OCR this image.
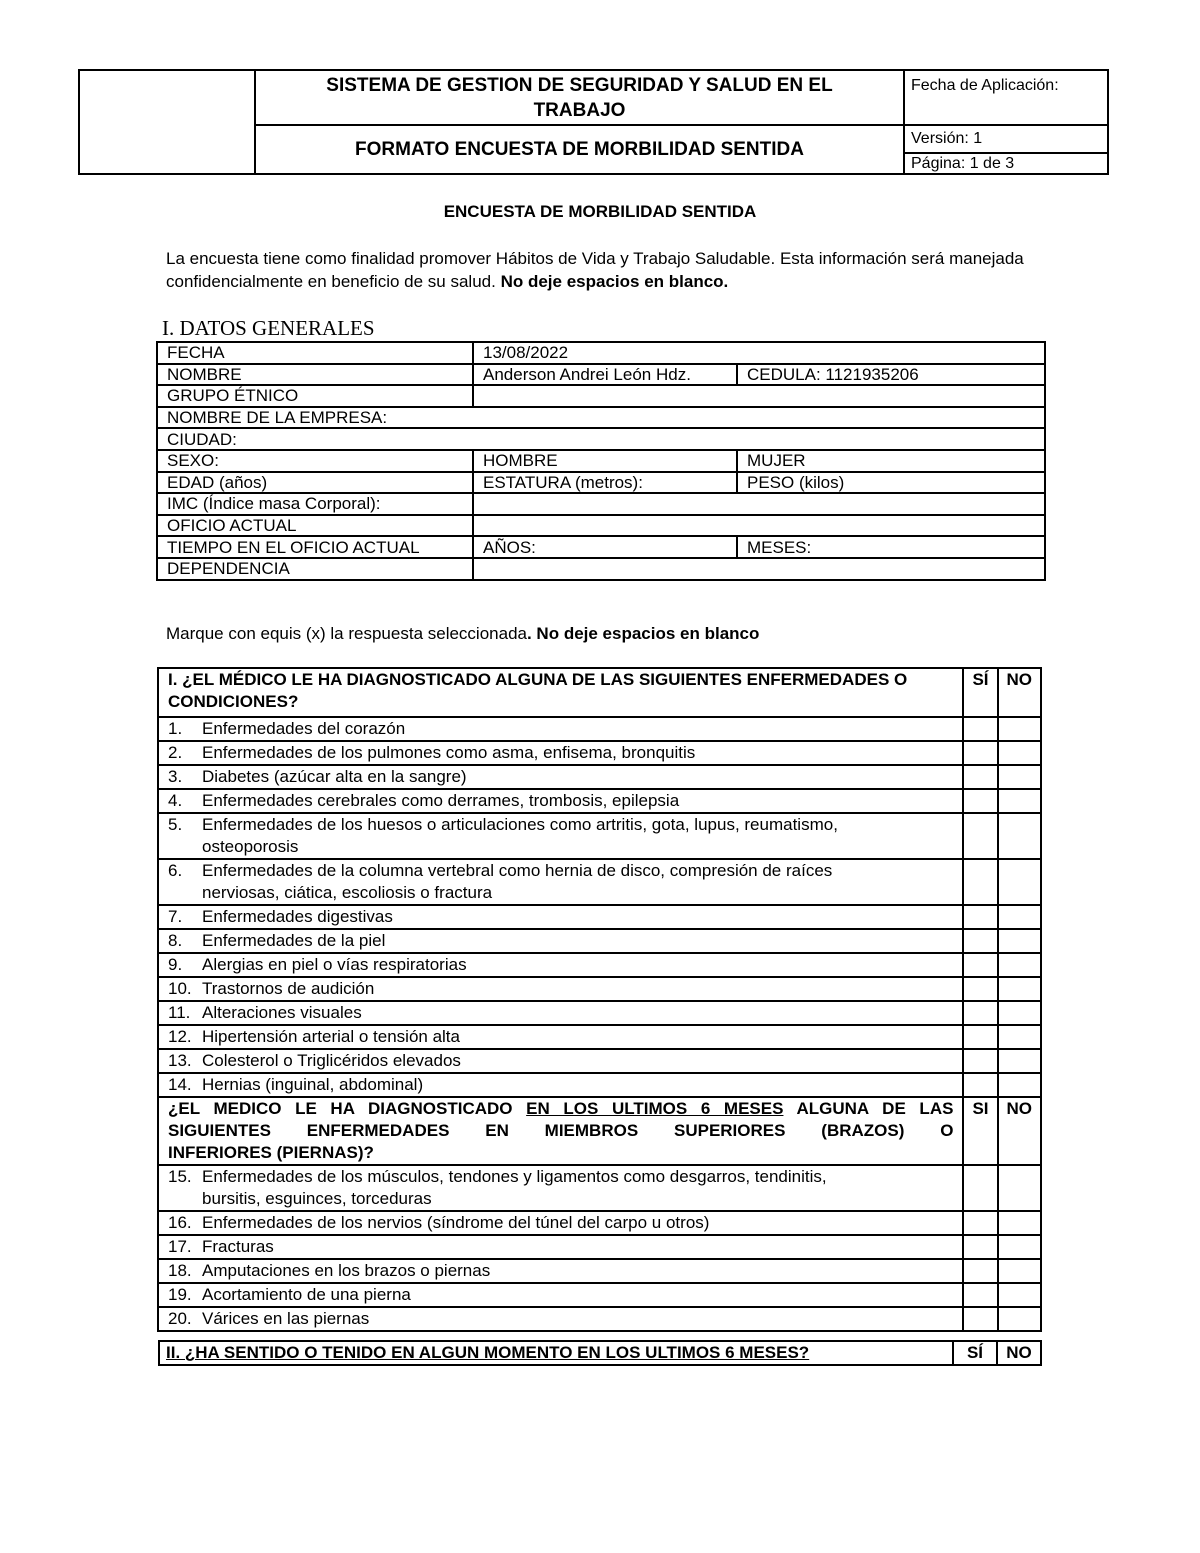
	SISTEMA DE GESTION DE SEGURIDAD Y SALUD EN EL
TRABAJO	Fecha de Aplicación:
	FORMATO ENCUESTA DE MORBILIDAD SENTIDA	Versión: 1
		Página: 1 de 3
ENCUESTA DE MORBILIDAD SENTIDA
La encuesta tiene como finalidad promover Hábitos de Vida y Trabajo Saludable. Esta información será manejada confidencialmente en beneficio de su salud. No deje espacios en blanco.
I. DATOS GENERALES
FECHA	13/08/2022	
NOMBRE	Anderson Andrei León Hdz.	CEDULA: 1121935206
GRUPO ÉTNICO		
NOMBRE DE LA EMPRESA:		
CIUDAD:		
SEXO:	HOMBRE	MUJER
EDAD (años)	ESTATURA (metros):	PESO (kilos)
IMC (Índice masa Corporal):		
OFICIO ACTUAL		
TIEMPO EN EL OFICIO ACTUAL	AÑOS:	MESES:
DEPENDENCIA		
Marque con equis (x) la respuesta seleccionada. No deje espacios en blanco
I. ¿EL MÉDICO LE HA DIAGNOSTICADO ALGUNA DE LAS SIGUIENTES ENFERMEDADES O CONDICIONES?	SÍ	NO
1. Enfermedades del corazón		
2. Enfermedades de los pulmones como asma, enfisema, bronquitis		
3. Diabetes (azúcar alta en la sangre)		
4. Enfermedades cerebrales como derrames, trombosis, epilepsia		
5. Enfermedades de los huesos o articulaciones como artritis, gota, lupus, reumatismo,
osteoporosis		

6. Enfermedades de la columna vertebral como hernia de disco, compresión de raíces
nerviosas, ciática, escoliosis o fractura		

7. Enfermedades digestivas		
8. Enfermedades de la piel		
9. Alergias en piel o vías respiratorias		
10. Trastornos de audición		
11. Alteraciones visuales		
12. Hipertensión arterial o tensión alta		
13. Colesterol o Triglicéridos elevados		
14. Hernias (inguinal, abdominal)		

¿EL MEDICO LE HA DIAGNOSTICADO EN LOS ULTIMOS 6 MESES ALGUNA DE LAS
SIGUIENTES ENFERMEDADES EN MIEMBROS SUPERIORES (BRAZOS) O
INFERIORES (PIERNAS)?	SI	NO
15. Enfermedades de los músculos, tendones y ligamentos como desgarros, tendinitis,
bursitis, esguinces, torceduras		

16. Enfermedades de los nervios (síndrome del túnel del carpo u otros)		
17. Fracturas		
18. Amputaciones en los brazos o piernas		
19. Acortamiento de una pierna		
20. Várices en las piernas		
II. ¿HA SENTIDO O TENIDO EN ALGUN MOMENTO EN LOS ULTIMOS 6 MESES?	SÍ	NO
